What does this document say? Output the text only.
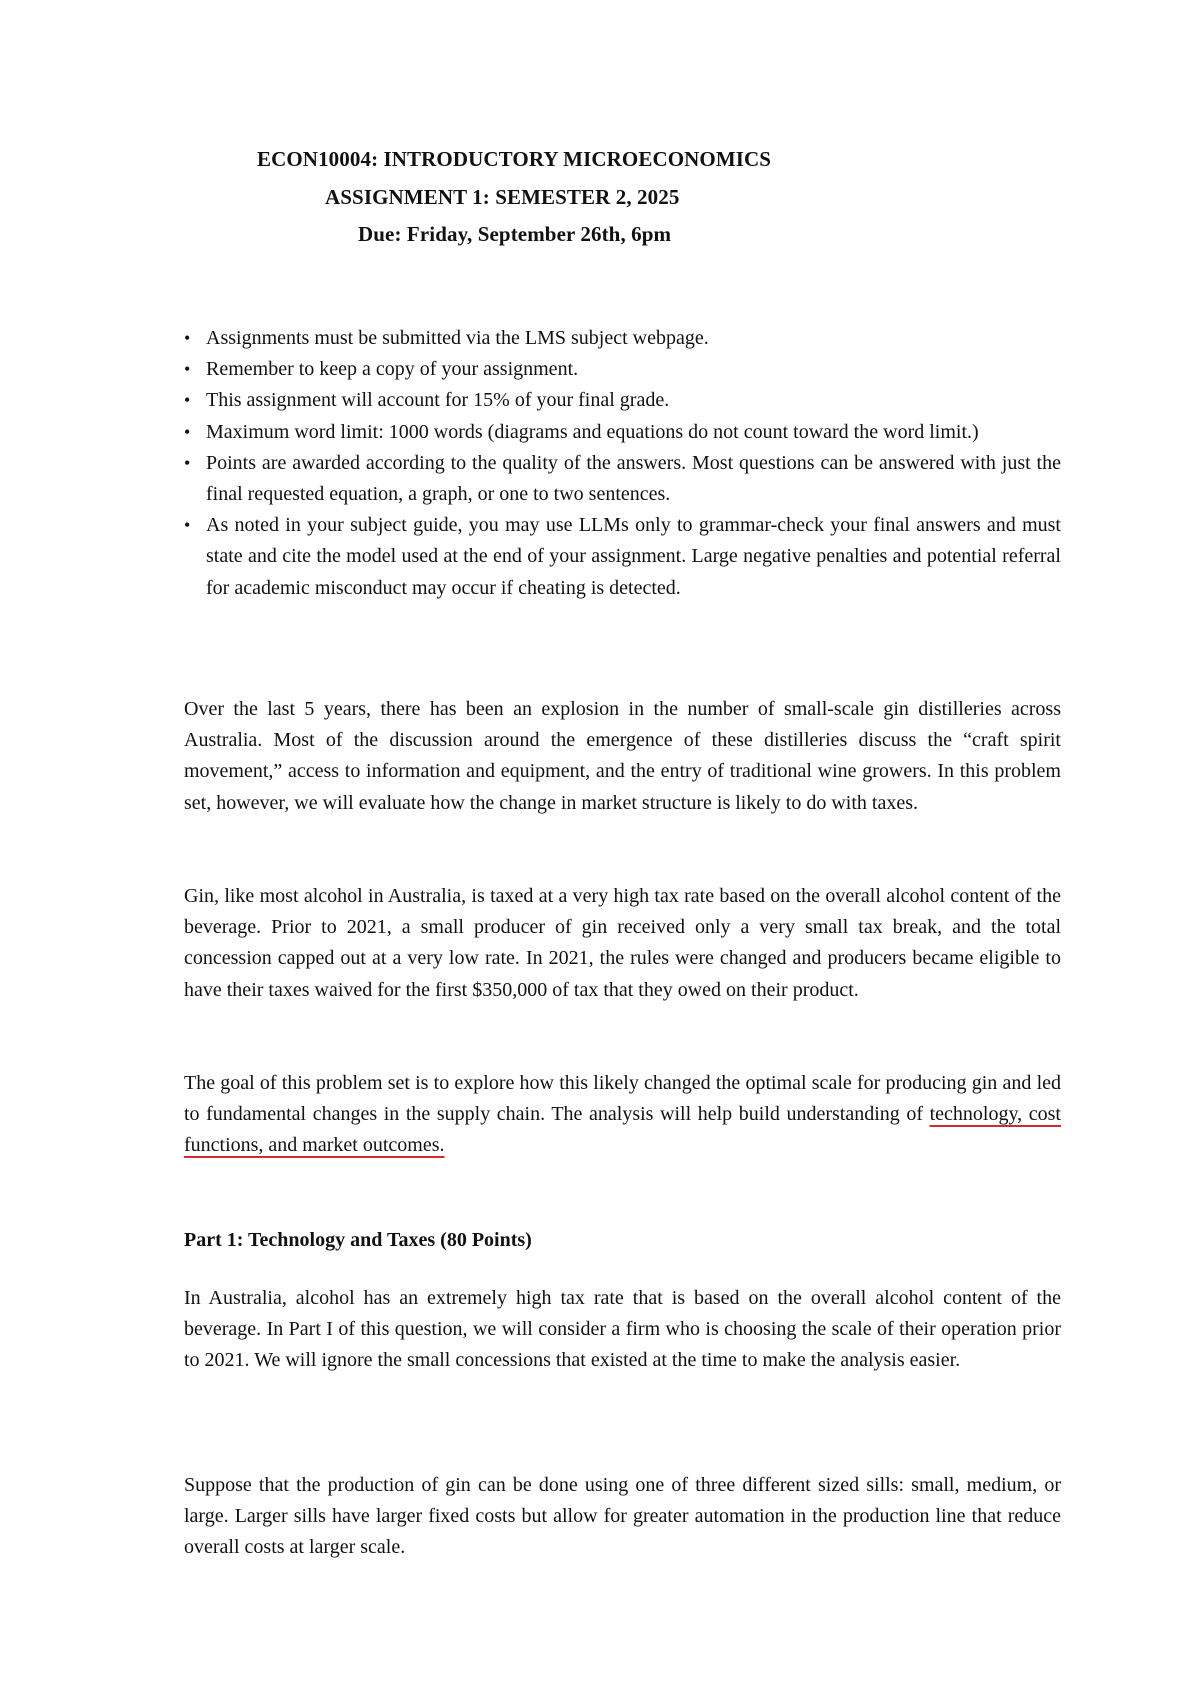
ECON10004: INTRODUCTORY MICROECONOMICS
ASSIGNMENT 1: SEMESTER 2, 2025
Due: Friday, September 26th, 6pm
• Assignments must be submitted via the LMS subject webpage.
• Remember to keep a copy of your assignment.
• This assignment will account for 15% of your final grade.
• Maximum word limit: 1000 words (diagrams and equations do not count toward the word limit.)
• Points are awarded according to the quality of the answers. Most questions can be answered with just the final requested equation, a graph, or one to two sentences.
• As noted in your subject guide, you may use LLMs only to grammar-check your final answers and must state and cite the model used at the end of your assignment. Large negative penalties and potential referral for academic misconduct may occur if cheating is detected.

Over the last 5 years, there has been an explosion in the number of small-scale gin distilleries across Australia. Most of the discussion around the emergence of these distilleries discuss the “craft spirit movement,” access to information and equipment, and the entry of traditional wine growers. In this problem set, however, we will evaluate how the change in market structure is likely to do with taxes.

Gin, like most alcohol in Australia, is taxed at a very high tax rate based on the overall alcohol content of the beverage. Prior to 2021, a small producer of gin received only a very small tax break, and the total concession capped out at a very low rate. In 2021, the rules were changed and producers became eligible to have their taxes waived for the first $350,000 of tax that they owed on their product.

The goal of this problem set is to explore how this likely changed the optimal scale for producing gin and led to fundamental changes in the supply chain. The analysis will help build understanding of technology, cost functions, and market outcomes.

Part 1: Technology and Taxes (80 Points)

In Australia, alcohol has an extremely high tax rate that is based on the overall alcohol content of the beverage. In Part I of this question, we will consider a firm who is choosing the scale of their operation prior to 2021. We will ignore the small concessions that existed at the time to make the analysis easier.

Suppose that the production of gin can be done using one of three different sized sills: small, medium, or large. Larger sills have larger fixed costs but allow for greater automation in the production line that reduce overall costs at larger scale.
